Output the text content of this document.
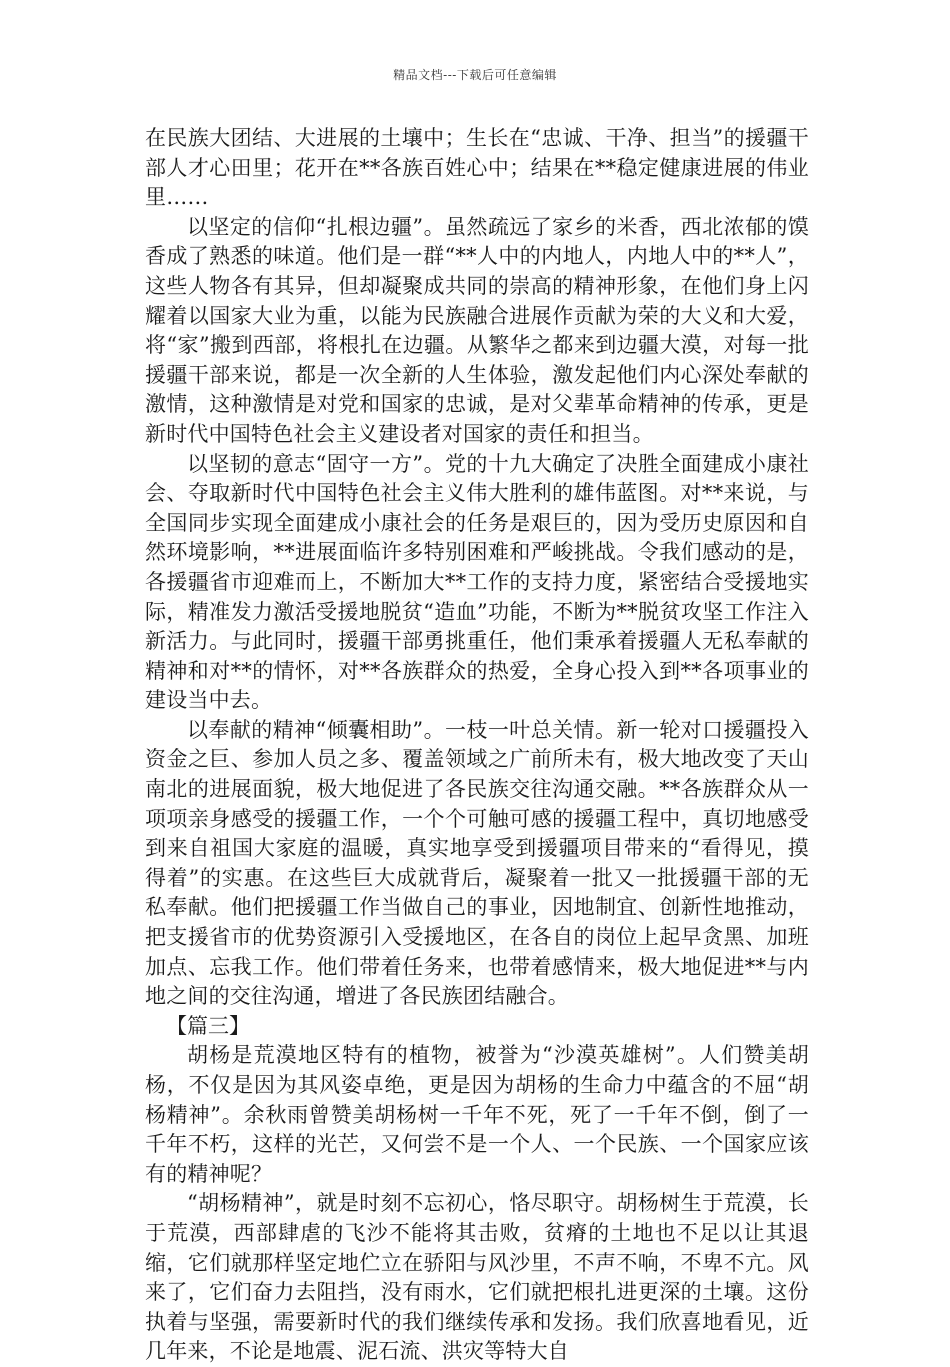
精品文档---下载后可任意编辑

在民族大团结、大进展的土壤中；生长在“忠诚、干净、担当”的援疆干部人才心田里；花开在**各族百姓心中；结果在**稳定健康进展的伟业里……

以坚定的信仰“扎根边疆”。虽然疏远了家乡的米香，西北浓郁的馍香成了熟悉的味道。他们是一群“**人中的内地人，内地人中的**人”，这些人物各有其异，但却凝聚成共同的崇高的精神形象，在他们身上闪耀着以国家大业为重，以能为民族融合进展作贡献为荣的大义和大爱，将“家”搬到西部，将根扎在边疆。从繁华之都来到边疆大漠，对每一批援疆干部来说，都是一次全新的人生体验，激发起他们内心深处奉献的激情，这种激情是对党和国家的忠诚，是对父辈革命精神的传承，更是新时代中国特色社会主义建设者对国家的责任和担当。

以坚韧的意志“固守一方”。党的十九大确定了决胜全面建成小康社会、夺取新时代中国特色社会主义伟大胜利的雄伟蓝图。对**来说，与全国同步实现全面建成小康社会的任务是艰巨的，因为受历史原因和自然环境影响，**进展面临许多特别困难和严峻挑战。令我们感动的是，各援疆省市迎难而上，不断加大**工作的支持力度，紧密结合受援地实际，精准发力激活受援地脱贫“造血”功能，不断为**脱贫攻坚工作注入新活力。与此同时，援疆干部勇挑重任，他们秉承着援疆人无私奉献的精神和对**的情怀，对**各族群众的热爱，全身心投入到**各项事业的建设当中去。

以奉献的精神“倾囊相助”。一枝一叶总关情。新一轮对口援疆投入资金之巨、参加人员之多、覆盖领域之广前所未有，极大地改变了天山南北的进展面貌，极大地促进了各民族交往沟通交融。**各族群众从一项项亲身感受的援疆工作，一个个可触可感的援疆工程中，真切地感受到来自祖国大家庭的温暖，真实地享受到援疆项目带来的“看得见，摸得着”的实惠。在这些巨大成就背后，凝聚着一批又一批援疆干部的无私奉献。他们把援疆工作当做自己的事业，因地制宜、创新性地推动，把支援省市的优势资源引入受援地区，在各自的岗位上起早贪黑、加班加点、忘我工作。他们带着任务来，也带着感情来，极大地促进**与内地之间的交往沟通，增进了各民族团结融合。

【篇三】

胡杨是荒漠地区特有的植物，被誉为“沙漠英雄树”。人们赞美胡杨，不仅是因为其风姿卓绝，更是因为胡杨的生命力中蕴含的不屈“胡杨精神”。余秋雨曾赞美胡杨树一千年不死，死了一千年不倒，倒了一千年不朽，这样的光芒，又何尝不是一个人、一个民族、一个国家应该有的精神呢？

“胡杨精神”，就是时刻不忘初心，恪尽职守。胡杨树生于荒漠，长于荒漠，西部肆虐的飞沙不能将其击败，贫瘠的土地也不足以让其退缩，它们就那样坚定地伫立在骄阳与风沙里，不声不响，不卑不亢。风来了，它们奋力去阻挡，没有雨水，它们就把根扎进更深的土壤。这份执着与坚强，需要新时代的我们继续传承和发扬。我们欣喜地看见，近几年来，不论是地震、泥石流、洪灾等特大自
